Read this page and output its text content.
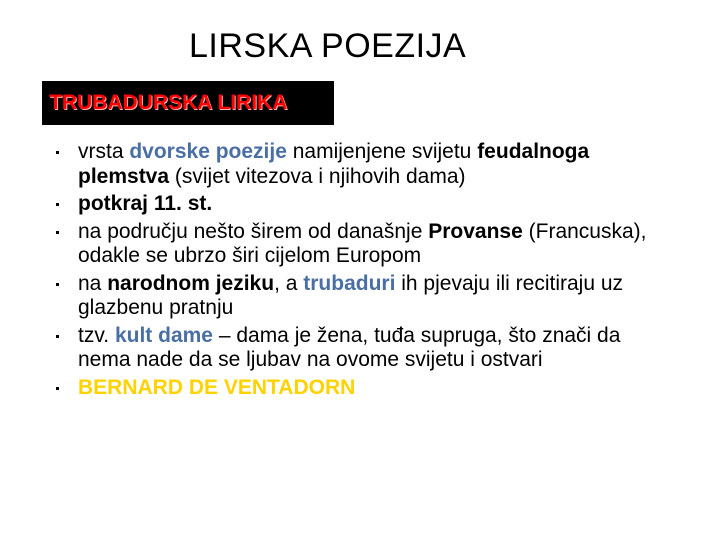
LIRSKA POEZIJA
TRUBADURSKA LIRIKA
vrsta dvorske poezije namijenjene svijetu feudalnoga plemstva (svijet vitezova i njihovih dama)
potkraj 11. st.
na području nešto širem od današnje Provanse (Francuska), odakle se ubrzo širi cijelom Europom
na narodnom jeziku, a trubaduri ih pjevaju ili recitiraju uz glazbenu pratnju
tzv. kult dame – dama je žena, tuđa supruga, što znači da nema nade da se ljubav na ovome svijetu i ostvari
BERNARD DE VENTADORN
